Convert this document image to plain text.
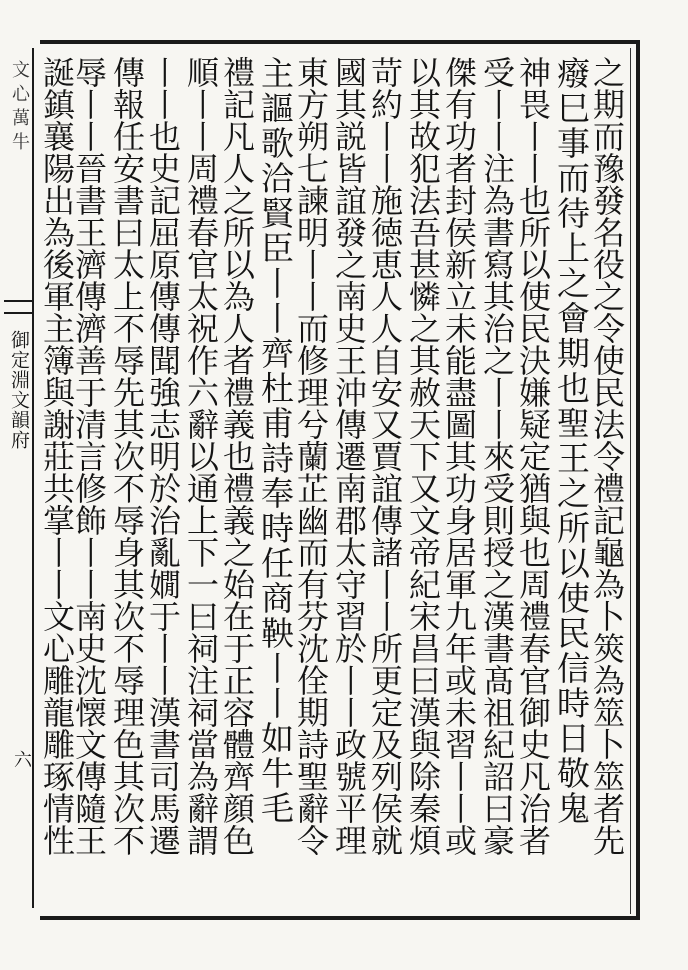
文心萬牛
御定淵文韻府
六	之期而豫發名役之令使民法令禮記龜為卜筴為筮卜筮者先
癈巳事而待上之會期也聖王之所以使民信時日敬鬼
神畏丨丨也所以使民決嫌疑定猶與也周禮春官御史凡治者
受丨丨注為書寫其治之丨丨來受則授之漢書髙祖紀詔曰豪
傑有功者封侯新立未能盡圖其功身居軍九年或未習丨丨或
以其故犯法吾甚憐之其赦天下又文帝紀宋昌曰漢與除秦煩
苛約丨丨施徳恵人人自安又賈誼傳諸丨丨所更定及列侯就
國其説皆誼發之南史王沖傳遷南郡太守習於丨丨政號平理
東方朔七諫明丨丨而修理兮蘭芷幽而有芬沈佺期詩聖辭令
主謳歌洽賢臣丨丨齊杜甫詩奉時任商鞅丨丨如牛毛
禮記凡人之所以為人者禮義也禮義之始在于正容體齊顔色
順丨丨周禮春官太祝作六辭以通上下一曰祠注祠當為辭謂
丨丨也史記屈原傳傳聞強志明於治亂嫺于丨丨漢書司馬遷
傳報任安書曰太上不辱先其次不辱身其次不辱理色其次不
辱丨丨晉書王濟傳濟善于清言修飾丨丨南史沈懐文傳隨王
誕鎮襄陽出為後軍主簿與謝莊共掌丨丨文心雕龍雕琢情性
